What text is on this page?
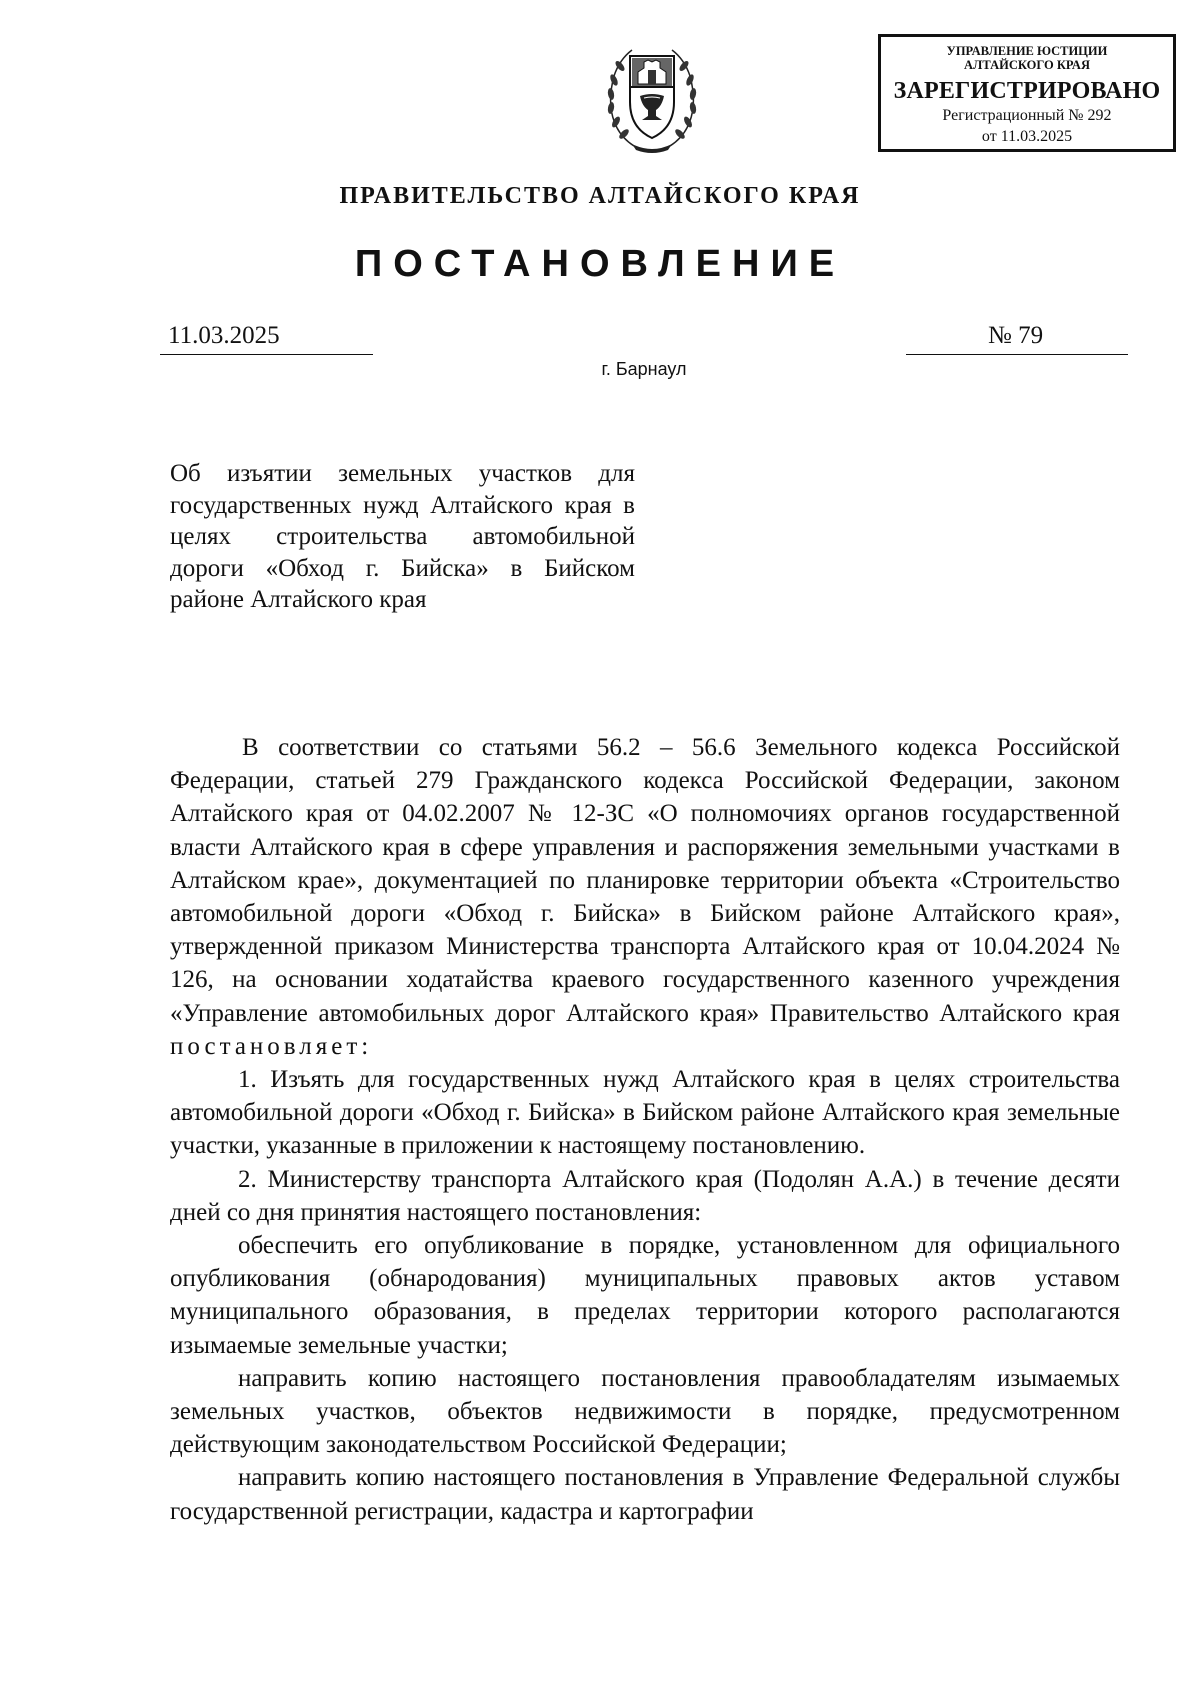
УПРАВЛЕНИЕ ЮСТИЦИИ
АЛТАЙСКОГО КРАЯ
ЗАРЕГИСТРИРОВАНО
Регистрационный № 292
от 11.03.2025
ПРАВИТЕЛЬСТВО АЛТАЙСКОГО КРАЯ
ПОСТАНОВЛЕНИЕ
11.03.2025	№ 79
г. Барнаул
Об изъятии земельных участков для государственных нужд Алтайского края в целях строительства автомобильной дороги «Обход г. Бийска» в Бийском районе Алтайского края

В соответствии со статьями 56.2 – 56.6 Земельного кодекса Российской Федерации, статьей 279 Гражданского кодекса Российской Федерации, законом Алтайского края от 04.02.2007 № 12-ЗС «О полномочиях органов государственной власти Алтайского края в сфере управления и распоряжения земельными участками в Алтайском крае», документацией по планировке территории объекта «Строительство автомобильной дороги «Обход г. Бийска» в Бийском районе Алтайского края», утвержденной приказом Министерства транспорта Алтайского края от 10.04.2024 № 126, на основании ходатайства краевого государственного казенного учреждения «Управление автомобильных дорог Алтайского края» Правительство Алтайского края постановляет:

1. Изъять для государственных нужд Алтайского края в целях строительства автомобильной дороги «Обход г. Бийска» в Бийском районе Алтайского края земельные участки, указанные в приложении к настоящему постановлению.

2. Министерству транспорта Алтайского края (Подолян А.А.) в течение десяти дней со дня принятия настоящего постановления:

обеспечить его опубликование в порядке, установленном для официального опубликования (обнародования) муниципальных правовых актов уставом муниципального образования, в пределах территории которого располагаются изымаемые земельные участки;

направить копию настоящего постановления правообладателям изымаемых земельных участков, объектов недвижимости в порядке, предусмотренном действующим законодательством Российской Федерации;

направить копию настоящего постановления в Управление Федеральной службы государственной регистрации, кадастра и картографии
